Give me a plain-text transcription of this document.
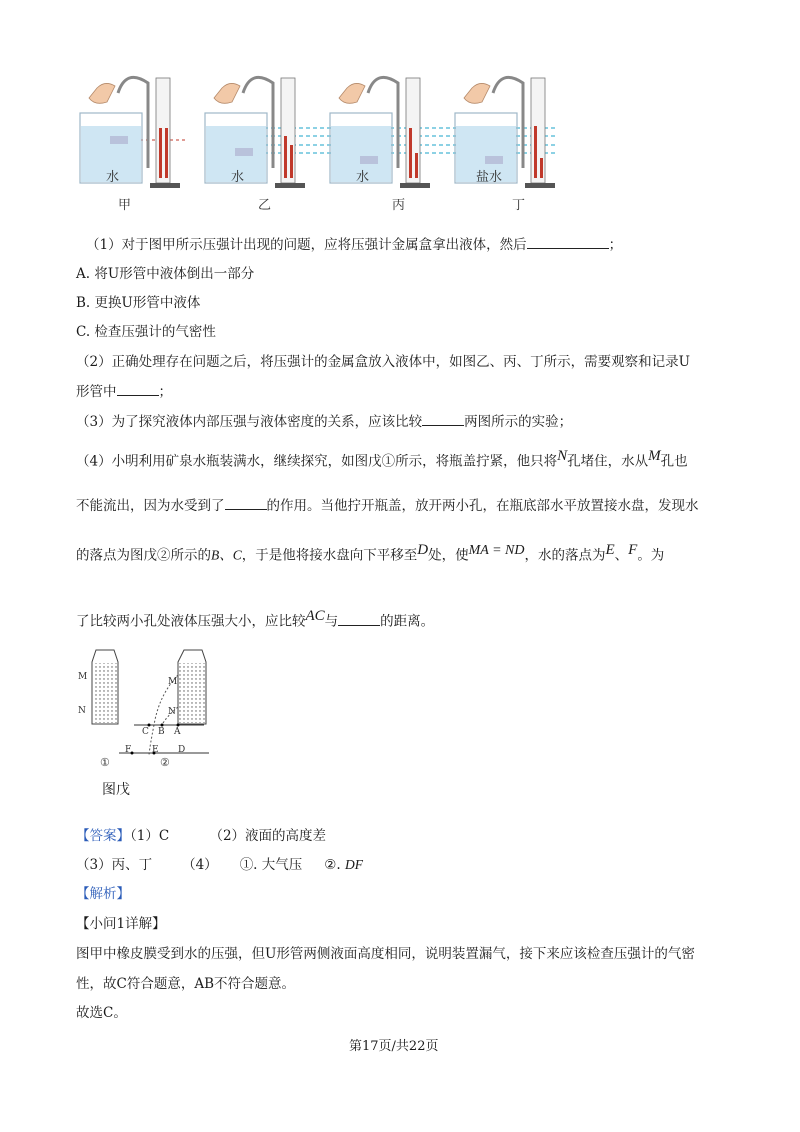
水	水	水	盐水
甲	乙	丙	丁
（1）对于图甲所示压强计出现的问题，应将压强计金属盒拿出液体，然后	；
A. 将U形管中液体倒出一部分
B. 更换U形管中液体
C. 检查压强计的气密性
（2）正确处理存在问题之后，将压强计的金属盒放入液体中，如图乙、丙、丁所示，需要观察和记录U
形管中	；
（3）为了探究液体内部压强与液体密度的关系，应该比较	两图所示的实验；
（4）小明利用矿泉水瓶装满水，继续探究，如图戊①所示，将瓶盖拧紧，他只将$^N$孔堵住，水从$^M$孔也
不能流出，因为水受到了	的作用。当他拧开瓶盖，放开两小孔，在瓶底部水平放置接水盘，发现水
的落点为图戊②所示的B、C，于是他将接水盘向下平移至$^D$处，使$^{MA = ND}$，水的落点为$^E$、$^F$。为
了比较两小孔处液体压强大小，应比较$^{AC}$与	的距离。
M
N
M
N
C B A
F E D
①	②
图戊
【答案】（1）C	（2）液面的高度差
（3）丙、丁 （4） ①. 大气压 ②. DF
【解析】
【小问1详解】
图甲中橡皮膜受到水的压强，但U形管两侧液面高度相同，说明装置漏气，接下来应该检查压强计的气密
性，故C符合题意，AB不符合题意。
故选C。
第17页/共22页
